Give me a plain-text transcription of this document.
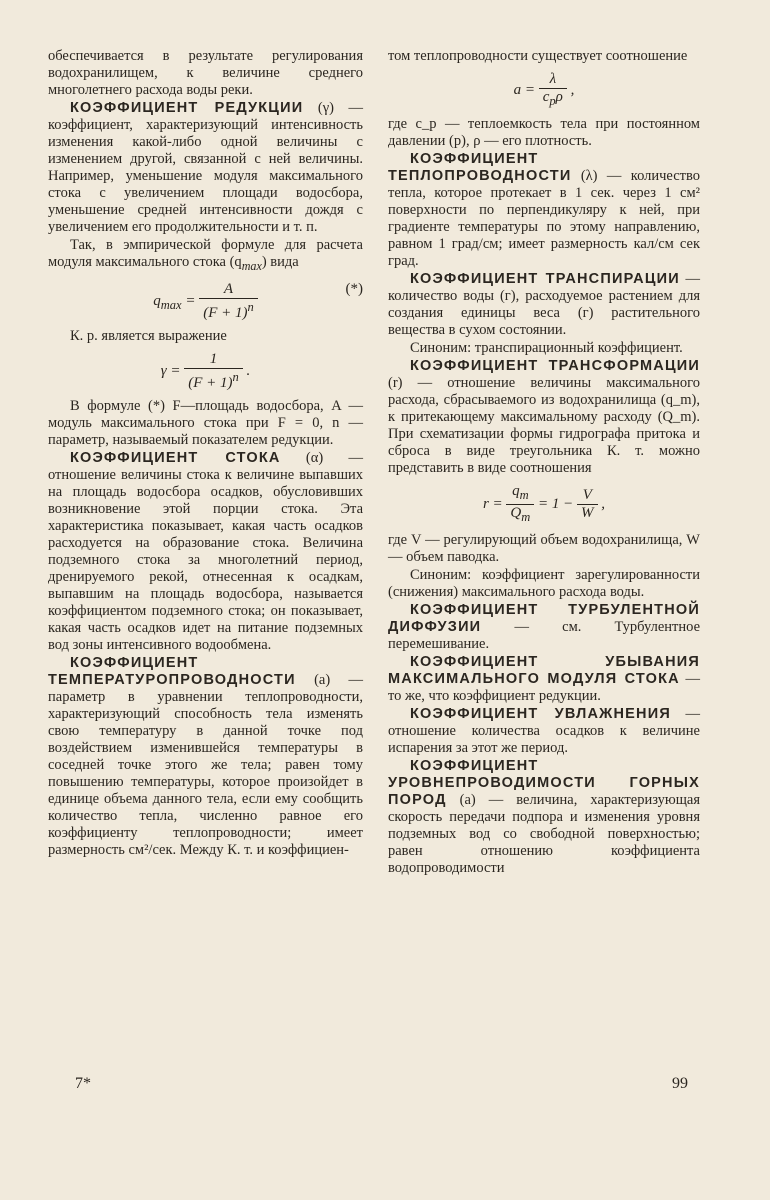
обеспечивается в результате регулирования водохранилищем, к величине среднего многолетнего расхода воды реки.

КОЭФФИЦИЕНТ РЕДУКЦИИ (γ) — коэффициент, характеризующий интенсивность изменения какой-либо одной величины с изменением другой, связанной с ней величины. Например, уменьшение модуля максимального стока с увеличением площади водосбора, уменьшение средней интенсивности дождя с увеличением его продолжительности и т. п.

Так, в эмпирической формуле для расчета модуля максимального стока $(q_{max})$ вида

$q_{max} = \frac{A}{(F + 1)^n}$	(*)

К. р. является выражение

$\gamma = \frac{1}{(F + 1)^n}$ .

В формуле (*) F—площадь водосбора, A — модуль максимального стока при F = 0, n — параметр, называемый показателем редукции.

КОЭФФИЦИЕНТ СТОКА (α) — отношение величины стока к величине выпавших на площадь водосбора осадков, обусловивших возникновение этой порции стока. Эта характеристика показывает, какая часть осадков расходуется на образование стока. Величина подземного стока за многолетний период, дренируемого рекой, отнесенная к осадкам, выпавшим на площадь водосбора, называется коэффициентом подземного стока; он показывает, какая часть осадков идет на питание подземных вод зоны интенсивного водообмена.

КОЭФФИЦИЕНТ ТЕМПЕРАТУРОПРОВОДНОСТИ (a) — параметр в уравнении теплопроводности, характеризующий способность тела изменять свою температуру в данной точке под воздействием изменившейся температуры в соседней точке этого же тела; равен тому повышению температуры, которое произойдет в единице объема данного тела, если ему сообщить количество тепла, численно равное его коэффициенту теплопроводности; имеет размерность см²/сек. Между К. т. и коэффициен-

том теплопроводности существует соотношение

$a = \frac{\lambda}{c_p\rho}$ ,

где c_p — теплоемкость тела при постоянном давлении (p), ρ — его плотность.

КОЭФФИЦИЕНТ ТЕПЛОПРОВОДНОСТИ (λ) — количество тепла, которое протекает в 1 сек. через 1 см² поверхности по перпендикуляру к ней, при градиенте температуры по этому направлению, равном 1 град/см; имеет размерность кал/см сек град.

КОЭФФИЦИЕНТ ТРАНСПИРАЦИИ — количество воды (г), расходуемое растением для создания единицы веса (г) растительного вещества в сухом состоянии.

Синоним: транспирационный коэффициент.

КОЭФФИЦИЕНТ ТРАНСФОРМАЦИИ (r) — отношение величины максимального расхода, сбрасываемого из водохранилища (q_m), к притекающему максимальному расходу (Q_m). При схематизации формы гидрографа притока и сброса в виде треугольника К. т. можно представить в виде соотношения

$r = \frac{q_m}{Q_m} = 1 - \frac{V}{W}$ ,

где V — регулирующий объем водохранилища, W — объем паводка.

Синоним: коэффициент зарегулированности (снижения) максимального расхода воды.

КОЭФФИЦИЕНТ ТУРБУЛЕНТНОЙ ДИФФУЗИИ — см. Турбулентное перемешивание.

КОЭФФИЦИЕНТ УБЫВАНИЯ МАКСИМАЛЬНОГО МОДУЛЯ СТОКА — то же, что коэффициент редукции.

КОЭФФИЦИЕНТ УВЛАЖНЕНИЯ — отношение количества осадков к величине испарения за этот же период.

КОЭФФИЦИЕНТ УРОВНЕПРОВОДИМОСТИ ГОРНЫХ ПОРОД (a) — величина, характеризующая скорость передачи подпора и изменения уровня подземных вод со свободной поверхностью; равен отношению коэффициента водопроводимости

7*	99
